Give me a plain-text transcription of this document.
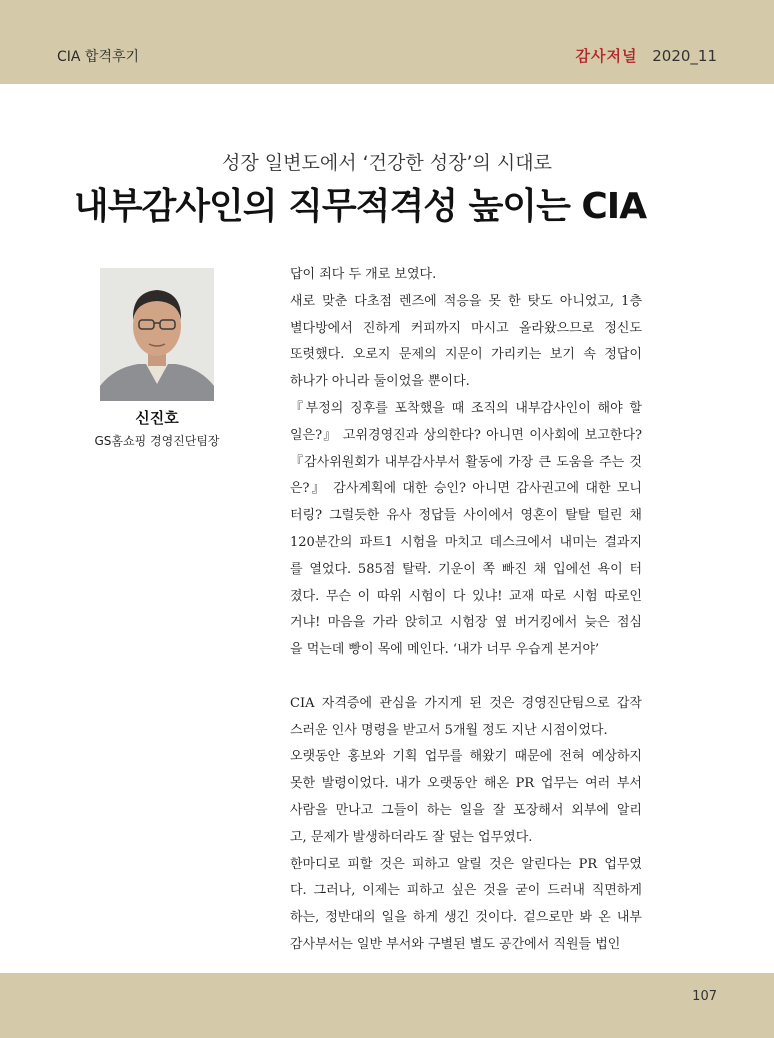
CIA 합격후기	감사저널 2020_11
성장 일변도에서 ‘건강한 성장’의 시대로
내부감사인의 직무적격성 높이는 CIA
신진호
GS홈쇼핑 경영진단팀장
답이 죄다 두 개로 보였다.
새로 맞춘 다초점 렌즈에 적응을 못 한 탓도 아니었고, 1층
별다방에서 진하게 커피까지 마시고 올라왔으므로 정신도
또렷했다. 오로지 문제의 지문이 가리키는 보기 속 정답이
하나가 아니라 둘이었을 뿐이다.
『부정의 징후를 포착했을 때 조직의 내부감사인이 해야 할
일은?』 고위경영진과 상의한다? 아니면 이사회에 보고한다?
『감사위원회가 내부감사부서 활동에 가장 큰 도움을 주는 것
은?』 감사계획에 대한 승인? 아니면 감사권고에 대한 모니
터링? 그럴듯한 유사 정답들 사이에서 영혼이 탈탈 털린 채
120분간의 파트1 시험을 마치고 데스크에서 내미는 결과지
를 열었다. 585점 탈락. 기운이 쪽 빠진 채 입에선 욕이 터
졌다. 무슨 이 따위 시험이 다 있냐! 교재 따로 시험 따로인
거냐! 마음을 가라 앉히고 시험장 옆 버거킹에서 늦은 점심
을 먹는데 빵이 목에 메인다. ‘내가 너무 우습게 본거야’
CIA 자격증에 관심을 가지게 된 것은 경영진단팀으로 갑작
스러운 인사 명령을 받고서 5개월 정도 지난 시점이었다.
오랫동안 홍보와 기획 업무를 해왔기 때문에 전혀 예상하지
못한 발령이었다. 내가 오랫동안 해온 PR 업무는 여러 부서
사람을 만나고 그들이 하는 일을 잘 포장해서 외부에 알리
고, 문제가 발생하더라도 잘 덮는 업무였다.
한마디로 피할 것은 피하고 알릴 것은 알린다는 PR 업무였
다. 그러나, 이제는 피하고 싶은 것을 굳이 드러내 직면하게
하는, 정반대의 일을 하게 생긴 것이다. 겉으로만 봐 온 내부
감사부서는 일반 부서와 구별된 별도 공간에서 직원들 법인
107
